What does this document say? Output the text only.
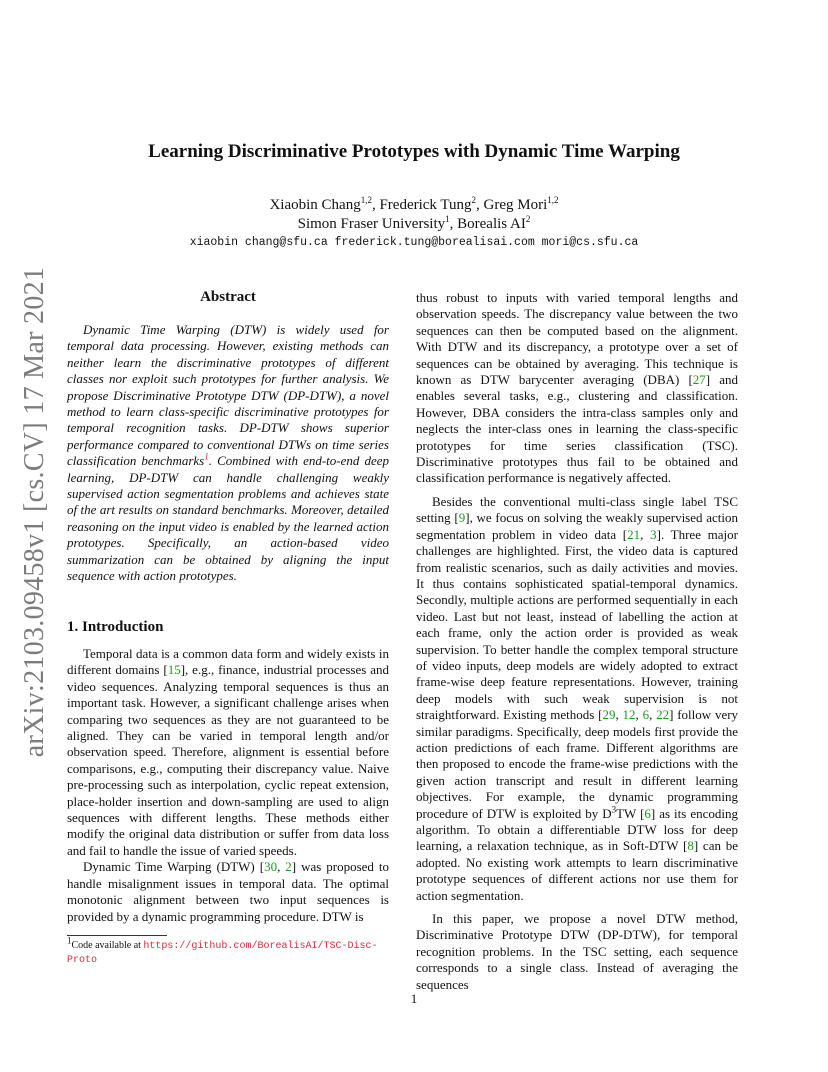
arXiv:2103.09458v1 [cs.CV] 17 Mar 2021
Learning Discriminative Prototypes with Dynamic Time Warping
Xiaobin Chang$^{1,2}$, Frederick Tung$^2$, Greg Mori$^{1,2}$
Simon Fraser University$^1$, Borealis $AI^2$
xiaobin chang@sfu.ca frederick.tung@borealisai.com mori@cs.sfu.ca
Abstract
Dynamic Time Warping (DTW) is widely used for temporal data processing. However, existing methods can neither learn the discriminative prototypes of different classes nor exploit such prototypes for further analysis. We propose Discriminative Prototype DTW (DP-DTW), a novel method to learn class-specific discriminative prototypes for temporal recognition tasks. DP-DTW shows superior performance compared to conventional DTWs on time series classification benchmarks$^1$. Combined with end-to-end deep learning, DP-DTW can handle challenging weakly supervised action segmentation problems and achieves state of the art results on standard benchmarks. Moreover, detailed reasoning on the input video is enabled by the learned action prototypes. Specifically, an action-based video summarization can be obtained by aligning the input sequence with action prototypes.
1. Introduction

Temporal data is a common data form and widely exists in different domains [15], e.g., finance, industrial processes and video sequences. Analyzing temporal sequences is thus an important task. However, a significant challenge arises when comparing two sequences as they are not guaranteed to be aligned. They can be varied in temporal length and/or observation speed. Therefore, alignment is essential before comparisons, e.g., computing their discrepancy value. Naive pre-processing such as interpolation, cyclic repeat extension, place-holder insertion and down-sampling are used to align sequences with different lengths. These methods either modify the original data distribution or suffer from data loss and fail to handle the issue of varied speeds.

Dynamic Time Warping (DTW) [30, 2] was proposed to handle misalignment issues in temporal data. The optimal monotonic alignment between two input sequences is provided by a dynamic programming procedure. DTW is

thus robust to inputs with varied temporal lengths and observation speeds. The discrepancy value between the two sequences can then be computed based on the alignment. With DTW and its discrepancy, a prototype over a set of sequences can be obtained by averaging. This technique is known as DTW barycenter averaging (DBA) [27] and enables several tasks, e.g., clustering and classification. However, DBA considers the intra-class samples only and neglects the inter-class ones in learning the class-specific prototypes for time series classification (TSC). Discriminative prototypes thus fail to be obtained and classification performance is negatively affected.

Besides the conventional multi-class single label TSC setting [9], we focus on solving the weakly supervised action segmentation problem in video data [21, 3]. Three major challenges are highlighted. First, the video data is captured from realistic scenarios, such as daily activities and movies. It thus contains sophisticated spatial-temporal dynamics. Secondly, multiple actions are performed sequentially in each video. Last but not least, instead of labelling the action at each frame, only the action order is provided as weak supervision. To better handle the complex temporal structure of video inputs, deep models are widely adopted to extract frame-wise deep feature representations. However, training deep models with such weak supervision is not straightforward. Existing methods [29, 12, 6, 22] follow very similar paradigms. Specifically, deep models first provide the action predictions of each frame. Different algorithms are then proposed to encode the frame-wise predictions with the given action transcript and result in different learning objectives. For example, the dynamic programming procedure of DTW is exploited by $D^3TW$ [6] as its encoding algorithm. To obtain a differentiable DTW loss for deep learning, a relaxation technique, as in Soft-DTW [8] can be adopted. No existing work attempts to learn discriminative prototype sequences of different actions nor use them for action segmentation.

In this paper, we propose a novel DTW method, Discriminative Prototype DTW (DP-DTW), for temporal recognition problems. In the TSC setting, each sequence corresponds to a single class. Instead of averaging the sequences

$^1$Code available at https://github.com/BorealisAI/TSC-Disc-Proto
1
